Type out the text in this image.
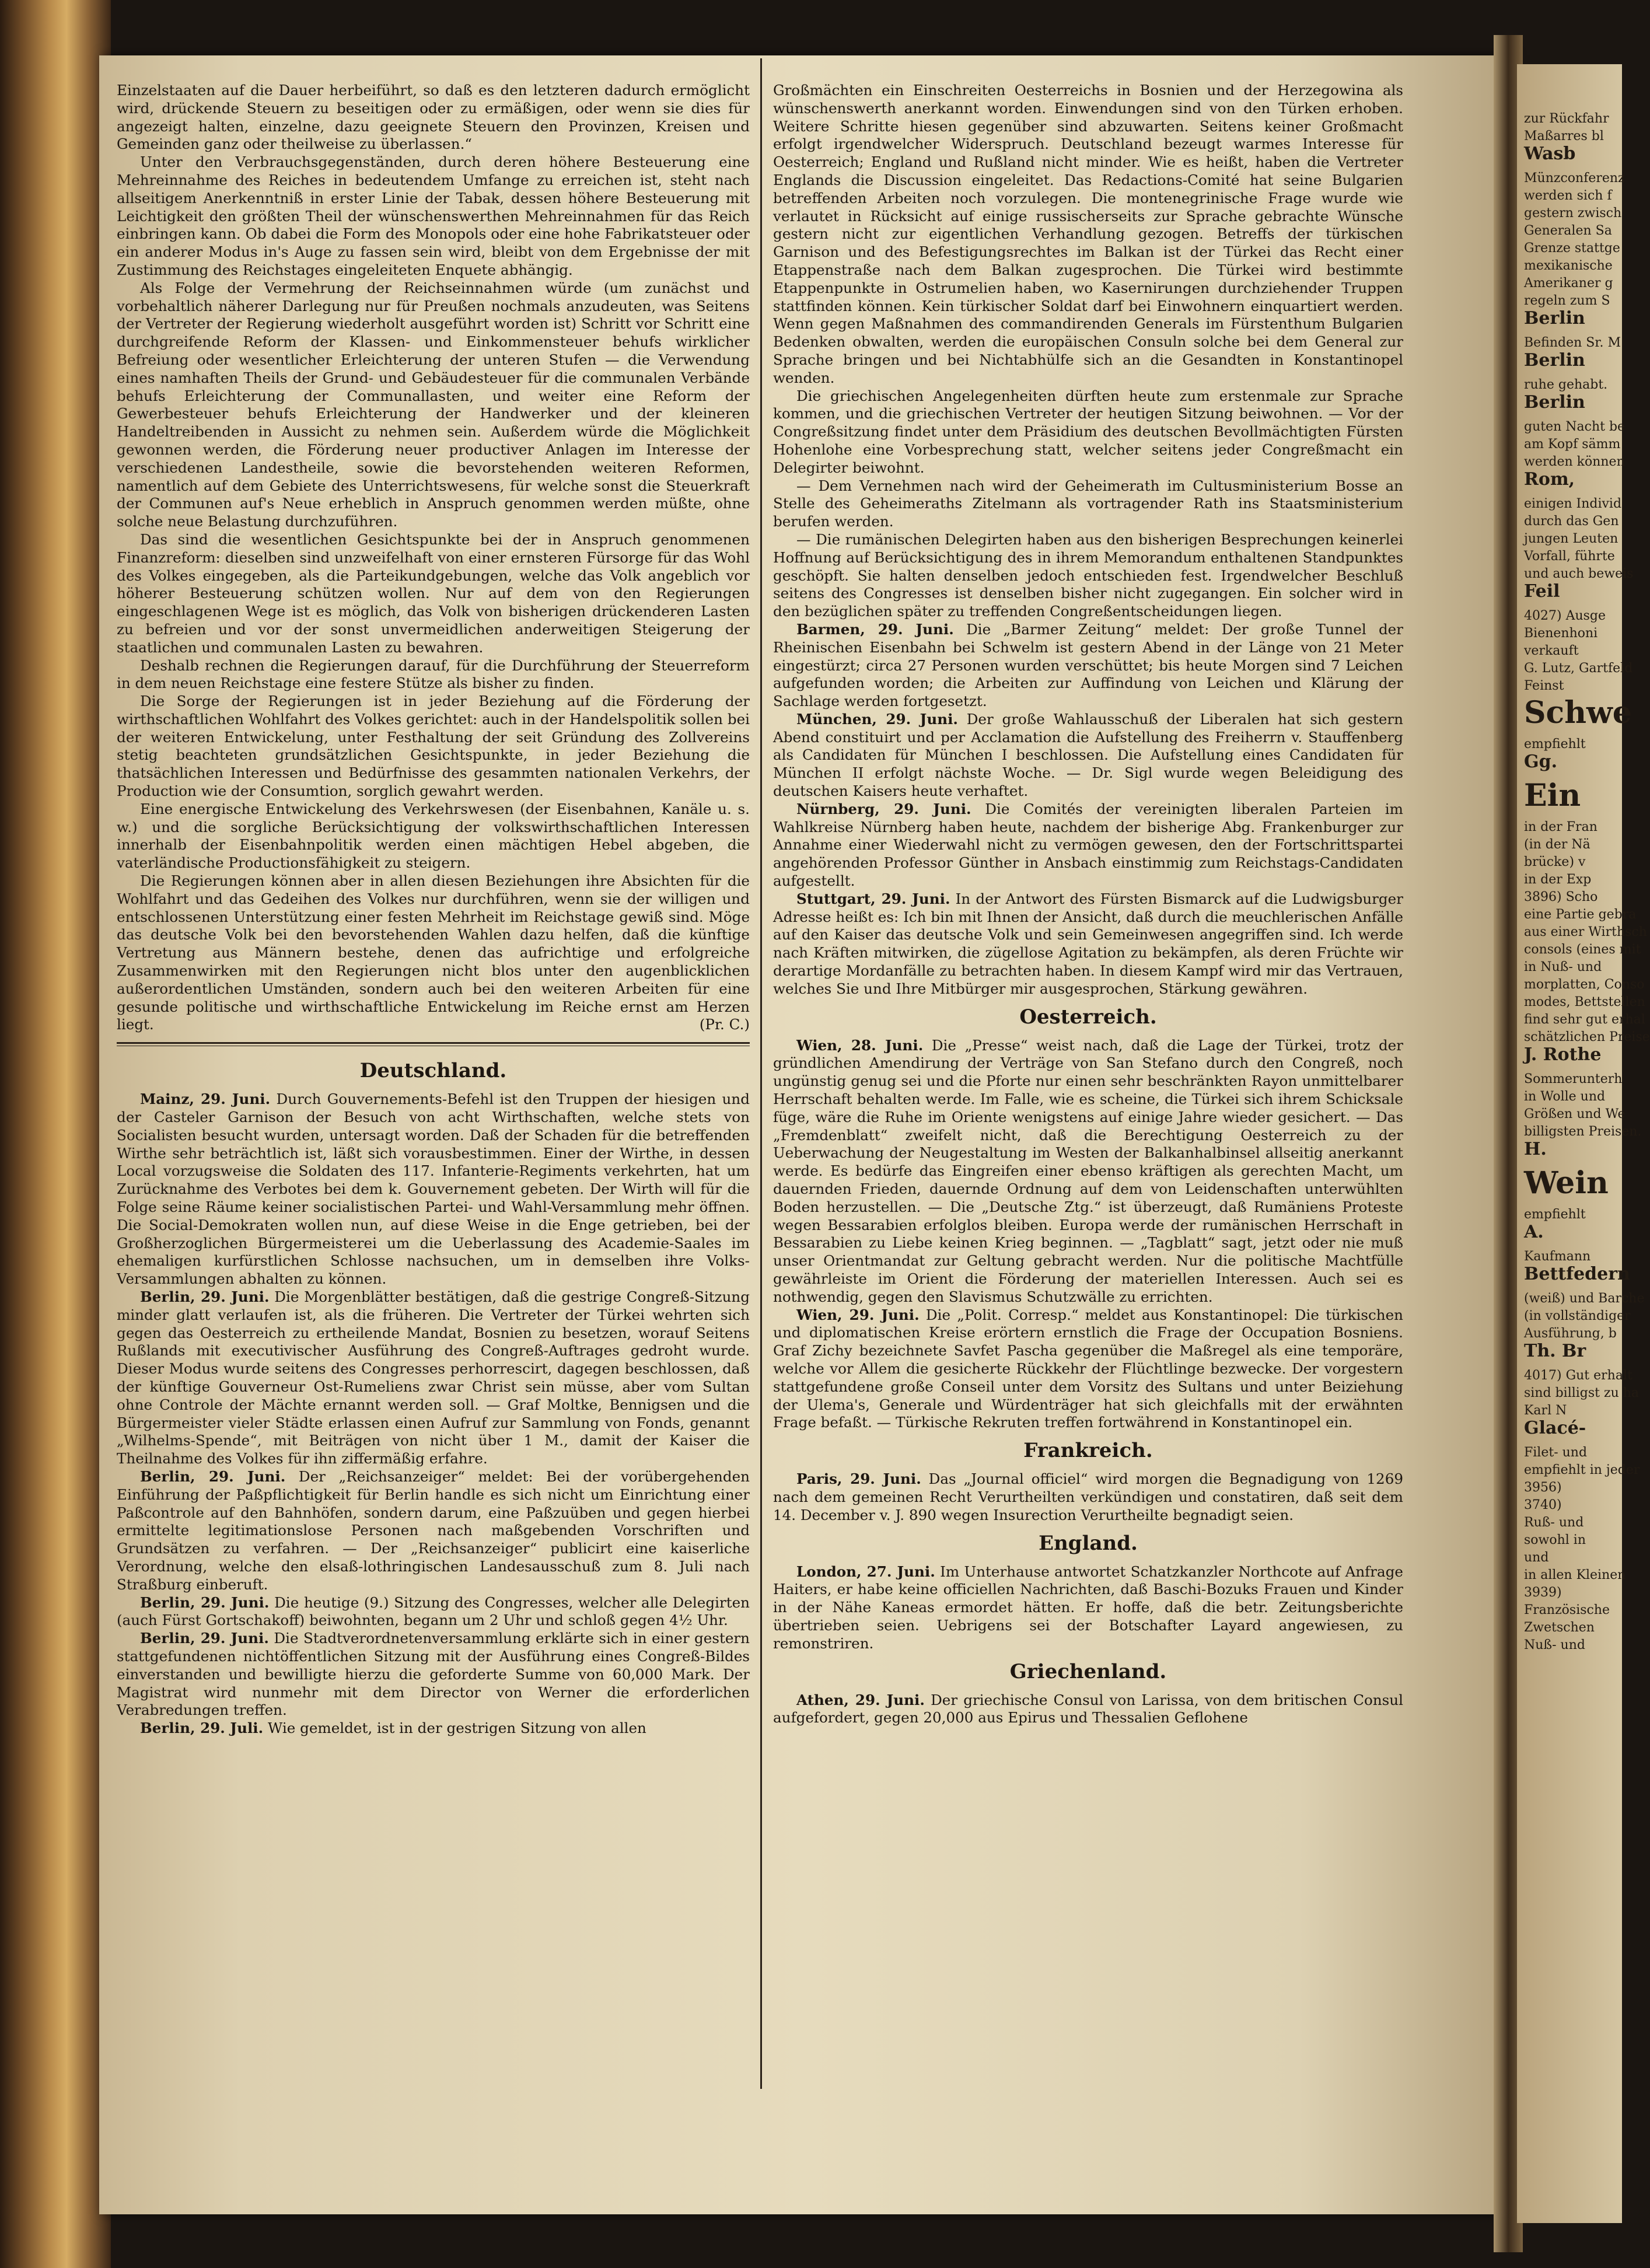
Einzelstaaten auf die Dauer herbeiführt, so daß es den letzteren dadurch ermöglicht wird, drückende Steuern zu beseitigen oder zu ermäßigen, oder wenn sie dies für angezeigt halten, einzelne, dazu geeignete Steuern den Provinzen, Kreisen und Gemeinden ganz oder theilweise zu überlassen.“

Unter den Verbrauchsgegenständen, durch deren höhere Besteuerung eine Mehreinnahme des Reiches in bedeutendem Umfange zu erreichen ist, steht nach allseitigem Anerkenntniß in erster Linie der Tabak, dessen höhere Besteuerung mit Leichtigkeit den größten Theil der wünschenswerthen Mehreinnahmen für das Reich einbringen kann. Ob dabei die Form des Monopols oder eine hohe Fabrikatsteuer oder ein anderer Modus in's Auge zu fassen sein wird, bleibt von dem Ergebnisse der mit Zustimmung des Reichstages eingeleiteten Enquete abhängig.

Als Folge der Vermehrung der Reichseinnahmen würde (um zunächst und vorbehaltlich näherer Darlegung nur für Preußen nochmals anzudeuten, was Seitens der Vertreter der Regierung wiederholt ausgeführt worden ist) Schritt vor Schritt eine durchgreifende Reform der Klassen- und Einkommensteuer behufs wirklicher Befreiung oder wesentlicher Erleichterung der unteren Stufen — die Verwendung eines namhaften Theils der Grund- und Gebäudesteuer für die communalen Verbände behufs Erleichterung der Communallasten, und weiter eine Reform der Gewerbesteuer behufs Erleichterung der Handwerker und der kleineren Handeltreibenden in Aussicht zu nehmen sein. Außerdem würde die Möglichkeit gewonnen werden, die Förderung neuer productiver Anlagen im Interesse der verschiedenen Landestheile, sowie die bevorstehenden weiteren Reformen, namentlich auf dem Gebiete des Unterrichtswesens, für welche sonst die Steuerkraft der Communen auf's Neue erheblich in Anspruch genommen werden müßte, ohne solche neue Belastung durchzuführen.

Das sind die wesentlichen Gesichtspunkte bei der in Anspruch genommenen Finanzreform: dieselben sind unzweifelhaft von einer ernsteren Fürsorge für das Wohl des Volkes eingegeben, als die Parteikundgebungen, welche das Volk angeblich vor höherer Besteuerung schützen wollen. Nur auf dem von den Regierungen eingeschlagenen Wege ist es möglich, das Volk von bisherigen drückenderen Lasten zu befreien und vor der sonst unvermeidlichen anderweitigen Steigerung der staatlichen und communalen Lasten zu bewahren.

Deshalb rechnen die Regierungen darauf, für die Durchführung der Steuerreform in dem neuen Reichstage eine festere Stütze als bisher zu finden.

Die Sorge der Regierungen ist in jeder Beziehung auf die Förderung der wirthschaftlichen Wohlfahrt des Volkes gerichtet: auch in der Handelspolitik sollen bei der weiteren Entwickelung, unter Festhaltung der seit Gründung des Zollvereins stetig beachteten grundsätzlichen Gesichtspunkte, in jeder Beziehung die thatsächlichen Interessen und Bedürfnisse des gesammten nationalen Verkehrs, der Production wie der Consumtion, sorglich gewahrt werden.

Eine energische Entwickelung des Verkehrswesen (der Eisenbahnen, Kanäle u. s. w.) und die sorgliche Berücksichtigung der volkswirthschaftlichen Interessen innerhalb der Eisenbahnpolitik werden einen mächtigen Hebel abgeben, die vaterländische Productionsfähigkeit zu steigern.

Die Regierungen können aber in allen diesen Beziehungen ihre Absichten für die Wohlfahrt und das Gedeihen des Volkes nur durchführen, wenn sie der willigen und entschlossenen Unterstützung einer festen Mehrheit im Reichstage gewiß sind. Möge das deutsche Volk bei den bevorstehenden Wahlen dazu helfen, daß die künftige Vertretung aus Männern bestehe, denen das aufrichtige und erfolgreiche Zusammenwirken mit den Regierungen nicht blos unter den augenblicklichen außerordentlichen Umständen, sondern auch bei den weiteren Arbeiten für eine gesunde politische und wirthschaftliche Entwickelung im Reiche ernst am Herzen liegt.	(Pr. C.)

Deutschland.

Mainz, 29. Juni. Durch Gouvernements-Befehl ist den Truppen der hiesigen und der Casteler Garnison der Besuch von acht Wirthschaften, welche stets von Socialisten besucht wurden, untersagt worden. Daß der Schaden für die betreffenden Wirthe sehr beträchtlich ist, läßt sich vorausbestimmen. Einer der Wirthe, in dessen Local vorzugsweise die Soldaten des 117. Infanterie-Regiments verkehrten, hat um Zurücknahme des Verbotes bei dem k. Gouvernement gebeten. Der Wirth will für die Folge seine Räume keiner socialistischen Partei- und Wahl-Versammlung mehr öffnen. Die Social-Demokraten wollen nun, auf diese Weise in die Enge getrieben, bei der Großherzoglichen Bürgermeisterei um die Ueberlassung des Academie-Saales im ehemaligen kurfürstlichen Schlosse nachsuchen, um in demselben ihre Volks-Versammlungen abhalten zu können.

Berlin, 29. Juni. Die Morgenblätter bestätigen, daß die gestrige Congreß-Sitzung minder glatt verlaufen ist, als die früheren. Die Vertreter der Türkei wehrten sich gegen das Oesterreich zu ertheilende Mandat, Bosnien zu besetzen, worauf Seitens Rußlands mit executivischer Ausführung des Congreß-Auftrages gedroht wurde. Dieser Modus wurde seitens des Congresses perhorrescirt, dagegen beschlossen, daß der künftige Gouverneur Ost-Rumeliens zwar Christ sein müsse, aber vom Sultan ohne Controle der Mächte ernannt werden soll. — Graf Moltke, Bennigsen und die Bürgermeister vieler Städte erlassen einen Aufruf zur Sammlung von Fonds, genannt „Wilhelms-Spende“, mit Beiträgen von nicht über 1 M., damit der Kaiser die Theilnahme des Volkes für ihn ziffermäßig erfahre.

Berlin, 29. Juni. Der „Reichsanzeiger“ meldet: Bei der vorübergehenden Einführung der Paßpflichtigkeit für Berlin handle es sich nicht um Einrichtung einer Paßcontrole auf den Bahnhöfen, sondern darum, eine Paßzuüben und gegen hierbei ermittelte legitimationslose Personen nach maßgebenden Vorschriften und Grundsätzen zu verfahren. — Der „Reichsanzeiger“ publicirt eine kaiserliche Verordnung, welche den elsaß-lothringischen Landesausschuß zum 8. Juli nach Straßburg einberuft.

Berlin, 29. Juni. Die heutige (9.) Sitzung des Congresses, welcher alle Delegirten (auch Fürst Gortschakoff) beiwohnten, begann um 2 Uhr und schloß gegen 4½ Uhr.

Berlin, 29. Juni. Die Stadtverordnetenversammlung erklärte sich in einer gestern stattgefundenen nichtöffentlichen Sitzung mit der Ausführung eines Congreß-Bildes einverstanden und bewilligte hierzu die geforderte Summe von 60,000 Mark. Der Magistrat wird nunmehr mit dem Director von Werner die erforderlichen Verabredungen treffen.

Berlin, 29. Juli. Wie gemeldet, ist in der gestrigen Sitzung von allen

Großmächten ein Einschreiten Oesterreichs in Bosnien und der Herzegowina als wünschenswerth anerkannt worden. Einwendungen sind von den Türken erhoben. Weitere Schritte hiesen gegenüber sind abzuwarten. Seitens keiner Großmacht erfolgt irgendwelcher Widerspruch. Deutschland bezeugt warmes Interesse für Oesterreich; England und Rußland nicht minder. Wie es heißt, haben die Vertreter Englands die Discussion eingeleitet. Das Redactions-Comité hat seine Bulgarien betreffenden Arbeiten noch vorzulegen. Die montenegrinische Frage wurde wie verlautet in Rücksicht auf einige russischerseits zur Sprache gebrachte Wünsche gestern nicht zur eigentlichen Verhandlung gezogen. Betreffs der türkischen Garnison und des Befestigungsrechtes im Balkan ist der Türkei das Recht einer Etappenstraße nach dem Balkan zugesprochen. Die Türkei wird bestimmte Etappenpunkte in Ostrumelien haben, wo Kasernirungen durchziehender Truppen stattfinden können. Kein türkischer Soldat darf bei Einwohnern einquartiert werden. Wenn gegen Maßnahmen des commandirenden Generals im Fürstenthum Bulgarien Bedenken obwalten, werden die europäischen Consuln solche bei dem General zur Sprache bringen und bei Nichtabhülfe sich an die Gesandten in Konstantinopel wenden.

Die griechischen Angelegenheiten dürften heute zum erstenmale zur Sprache kommen, und die griechischen Vertreter der heutigen Sitzung beiwohnen. — Vor der Congreßsitzung findet unter dem Präsidium des deutschen Bevollmächtigten Fürsten Hohenlohe eine Vorbesprechung statt, welcher seitens jeder Congreßmacht ein Delegirter beiwohnt.

— Dem Vernehmen nach wird der Geheimerath im Cultusministerium Bosse an Stelle des Geheimeraths Zitelmann als vortragender Rath ins Staatsministerium berufen werden.

— Die rumänischen Delegirten haben aus den bisherigen Besprechungen keinerlei Hoffnung auf Berücksichtigung des in ihrem Memorandum enthaltenen Standpunktes geschöpft. Sie halten denselben jedoch entschieden fest. Irgendwelcher Beschluß seitens des Congresses ist denselben bisher nicht zugegangen. Ein solcher wird in den bezüglichen später zu treffenden Congreßentscheidungen liegen.

Barmen, 29. Juni. Die „Barmer Zeitung“ meldet: Der große Tunnel der Rheinischen Eisenbahn bei Schwelm ist gestern Abend in der Länge von 21 Meter eingestürzt; circa 27 Personen wurden verschüttet; bis heute Morgen sind 7 Leichen aufgefunden worden; die Arbeiten zur Auffindung von Leichen und Klärung der Sachlage werden fortgesetzt.

München, 29. Juni. Der große Wahlausschuß der Liberalen hat sich gestern Abend constituirt und per Acclamation die Aufstellung des Freiherrn v. Stauffenberg als Candidaten für München I beschlossen. Die Aufstellung eines Candidaten für München II erfolgt nächste Woche. — Dr. Sigl wurde wegen Beleidigung des deutschen Kaisers heute verhaftet.

Nürnberg, 29. Juni. Die Comités der vereinigten liberalen Parteien im Wahlkreise Nürnberg haben heute, nachdem der bisherige Abg. Frankenburger zur Annahme einer Wiederwahl nicht zu vermögen gewesen, den der Fortschrittspartei angehörenden Professor Günther in Ansbach einstimmig zum Reichstags-Candidaten aufgestellt.

Stuttgart, 29. Juni. In der Antwort des Fürsten Bismarck auf die Ludwigsburger Adresse heißt es: Ich bin mit Ihnen der Ansicht, daß durch die meuchlerischen Anfälle auf den Kaiser das deutsche Volk und sein Gemeinwesen angegriffen sind. Ich werde nach Kräften mitwirken, die zügellose Agitation zu bekämpfen, als deren Früchte wir derartige Mordanfälle zu betrachten haben. In diesem Kampf wird mir das Vertrauen, welches Sie und Ihre Mitbürger mir ausgesprochen, Stärkung gewähren.

Oesterreich.

Wien, 28. Juni. Die „Presse“ weist nach, daß die Lage der Türkei, trotz der gründlichen Amendirung der Verträge von San Stefano durch den Congreß, noch ungünstig genug sei und die Pforte nur einen sehr beschränkten Rayon unmittelbarer Herrschaft behalten werde. Im Falle, wie es scheine, die Türkei sich ihrem Schicksale füge, wäre die Ruhe im Oriente wenigstens auf einige Jahre wieder gesichert. — Das „Fremdenblatt“ zweifelt nicht, daß die Berechtigung Oesterreich zu der Ueberwachung der Neugestaltung im Westen der Balkanhalbinsel allseitig anerkannt werde. Es bedürfe das Eingreifen einer ebenso kräftigen als gerechten Macht, um dauernden Frieden, dauernde Ordnung auf dem von Leidenschaften unterwühlten Boden herzustellen. — Die „Deutsche Ztg.“ ist überzeugt, daß Rumäniens Proteste wegen Bessarabien erfolglos bleiben. Europa werde der rumänischen Herrschaft in Bessarabien zu Liebe keinen Krieg beginnen. — „Tagblatt“ sagt, jetzt oder nie muß unser Orientmandat zur Geltung gebracht werden. Nur die politische Machtfülle gewährleiste im Orient die Förderung der materiellen Interessen. Auch sei es nothwendig, gegen den Slavismus Schutzwälle zu errichten.

Wien, 29. Juni. Die „Polit. Corresp.“ meldet aus Konstantinopel: Die türkischen und diplomatischen Kreise erörtern ernstlich die Frage der Occupation Bosniens. Graf Zichy bezeichnete Savfet Pascha gegenüber die Maßregel als eine temporäre, welche vor Allem die gesicherte Rückkehr der Flüchtlinge bezwecke. Der vorgestern stattgefundene große Conseil unter dem Vorsitz des Sultans und unter Beiziehung der Ulema's, Generale und Würdenträger hat sich gleichfalls mit der erwähnten Frage befaßt. — Türkische Rekruten treffen fortwährend in Konstantinopel ein.

Frankreich.

Paris, 29. Juni. Das „Journal officiel“ wird morgen die Begnadigung von 1269 nach dem gemeinen Recht Verurtheilten verkündigen und constatiren, daß seit dem 14. December v. J. 890 wegen Insurection Verurtheilte begnadigt seien.

England.

London, 27. Juni. Im Unterhause antwortet Schatzkanzler Northcote auf Anfrage Haiters, er habe keine officiellen Nachrichten, daß Baschi-Bozuks Frauen und Kinder in der Nähe Kaneas ermordet hätten. Er hoffe, daß die betr. Zeitungsberichte übertrieben seien. Uebrigens sei der Botschafter Layard angewiesen, zu remonstriren.

Griechenland.

Athen, 29. Juni. Der griechische Consul von Larissa, von dem britischen Consul aufgefordert, gegen 20,000 aus Epirus und Thessalien Geflohene

zur Rückfahr
Maßarres bl
Wasb
Münzconferenz
werden sich f
gestern zwisch
Generalen Sa
Grenze stattge
mexikanische
Amerikaner g
regeln zum S
Berlin
Befinden Sr. M
Berlin
ruhe gehabt.
Berlin
guten Nacht be
am Kopf sämm
werden können
Rom,
einigen Individ
durch das Gen
jungen Leuten
Vorfall, führte
und auch beweis
Feil
4027) Ausge
Bienenhoni
verkauft
G. Lutz, Gartfeld
Feinst
Schwe
empfiehlt
Gg.
Ein
in der Fran
(in der Nä
brücke) v
in der Exp
3896) Scho
eine Partie gebra
aus einer Wirthsch
consols (eines mit
in Nuß- und
morplatten, Conso
modes, Bettstellen
find sehr gut erhal
schätzlichen Preise
J. Rothe
Sommerunterh
in Wolle und
Größen und We
billigsten Preisen.
H.
Wein
empfiehlt
A.
Kaufmann
Bettfedern
(weiß) und Barche
(in vollständiger
Ausführung, b
Th. Br
4017) Gut erhalt
sind billigst zu ha
Karl N
Glacé-
Filet- und
empfiehlt in jeder
3956)
3740)
Ruß- und
sowohl in
und
in allen Kleinen
3939)
Französische
Zwetschen
Nuß- und
